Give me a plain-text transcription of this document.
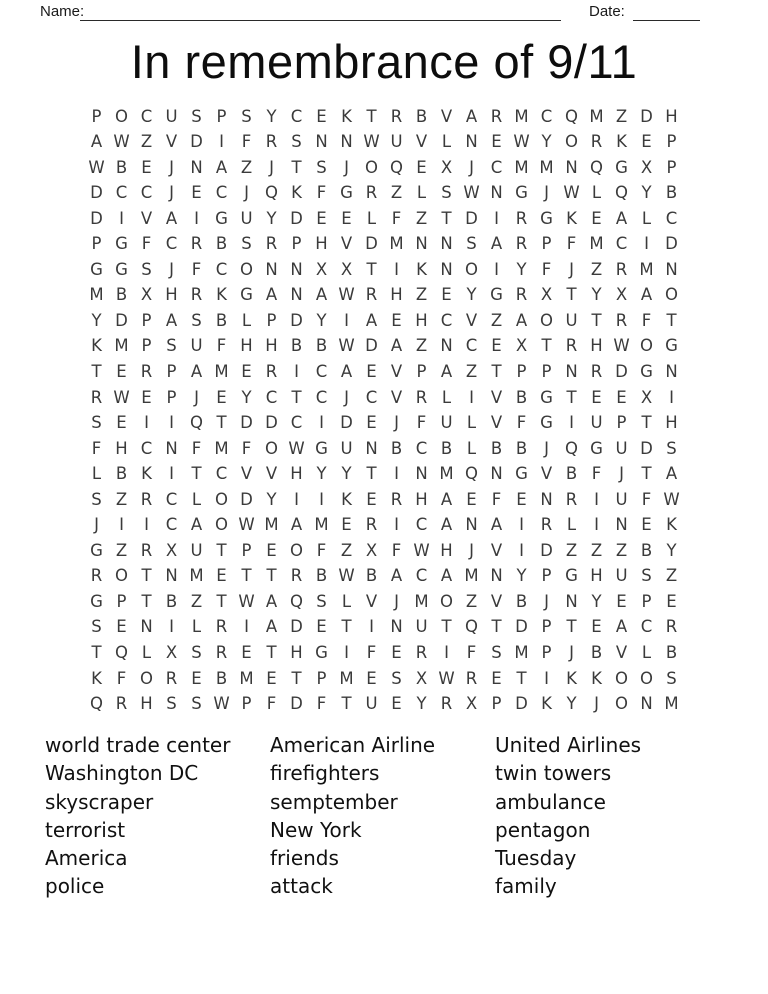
Name:	Date:
In remembrance of 9/11
P O C U S P S Y C E K T R B V A R M C Q M Z D H
A W Z V D I	F R S N N W U V L N E W Y O R K E P
W B E	J N A Z	J	T S	J O Q E X	J	C M M N Q G X P
D C C	J	E C	J Q K F G R Z L S W N G J W L Q Y B
D I	V A	I G U Y D E E L F Z T D I	R G K E A L C
P G F C R B S R P H V D M N N S A R P F M C	I D
G G S	J	F C O N N X X T	I	K N O I	Y F	J	Z R M N
M B X H R K G A N A W R H Z E Y G R X T Y X A O
Y D P A S B L P D Y	I	A E H C V Z A O U T R F T
K M P S U F H H B B W D A Z N C E X T R H W O G
T E R P A M E R	I	C A E V P A Z T P P N R D G N
R W E P	J	E Y C T C	J	C V R L	I	V B G T E E X	I
S E	I	I Q T D D C	I D E	J	F U L V F G I	U P T H
F H C N F M F O W G U N B C B L B B	J Q G U D S
L B K	I	T C V V H Y Y T	I N M Q N G V B F	J	T A
S Z R C L O D Y	I	I	K E R H A E F E N R	I	U F W
J	I	I	C A O W M A M E R	I	C A N A	I	R L	I N E K
G Z R X U T P E O F Z X F W H J	V	I D Z Z Z B Y
R O T N M E T T R B W B A C A M N Y P G H U S Z
G P T B Z T W A Q S L V	J M O Z V B	J N Y E P E
S E N I	L R	I	A D E T	I N U T Q T D P T E A C R
T Q L X S R E T H G I	F E R	I	F S M P	J	B V L B
K F O R E B M E T P M E S X W R E T	I	K K O O S
Q R H S S W P F D F T U E Y R X P D K Y	J O N M
world trade center
Washington DC
skyscraper
terrorist
America
police
American Airline
firefighters
semptember
New York
friends
attack
United Airlines
twin towers
ambulance
pentagon
Tuesday
family
